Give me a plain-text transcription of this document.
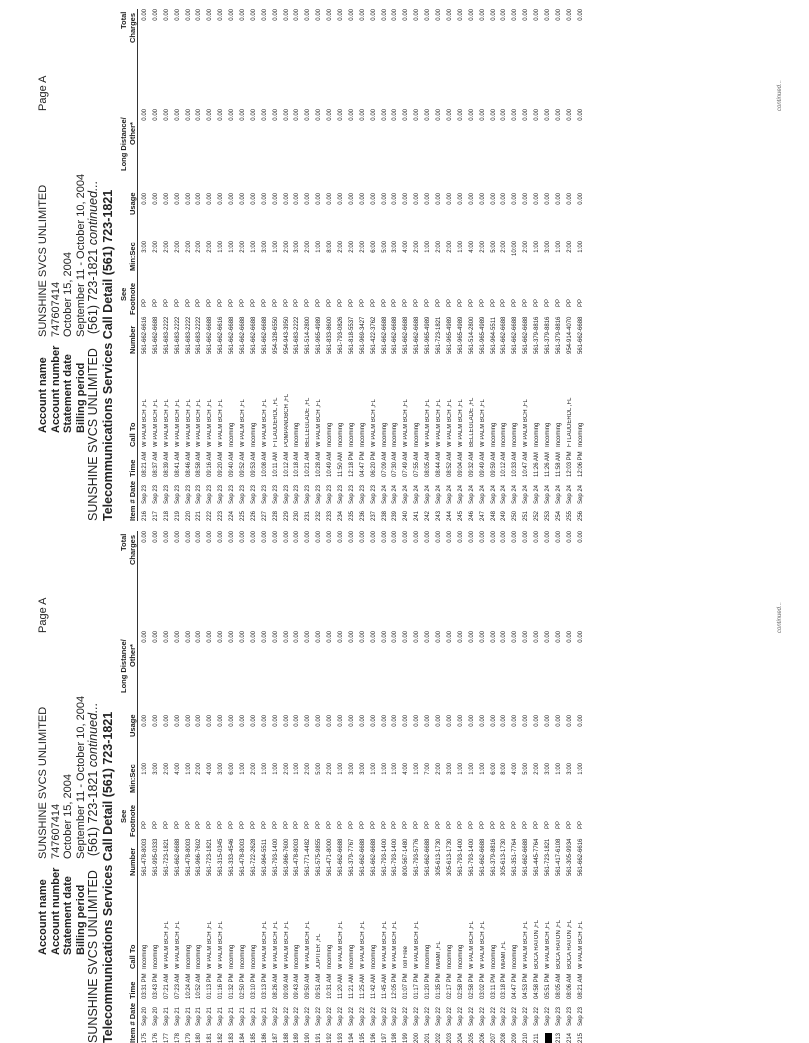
Account name Account number Statement date Billing period
SUNSHINE SVCS UNLIMITED 747607414 October 15, 2004 September 11 - October 10, 2004
Page A
SUNSHINE SVCS UNLIMITED    (561) 723-1821 continued... Telecommunications Services Call Detail (561) 723-1821 Item # Date
Time
Call To
Number
See Footnote
Min:Sec
Usage
Long Distance/ Other*
Total Charges
175
Sep 20
03:31 PM
Incoming
561-478-8003
PP
1:00
0.00
0.00
0.00
176
Sep 20
03:43 PM
Incoming
561-995-0333
PP
3:00
0.00
0.00
0.00
177
Sep 21
07:21 AM
W PALM BCH ,FL
561-723-1821
PP
2:00
0.00
0.00
0.00
178
Sep 21
07:23 AM
W PALM BCH ,FL
561-662-6688
PP
4:00
0.00
0.00
0.00
179
Sep 21
10:24 AM
Incoming
561-478-8003
PP
1:00
0.00
0.00
0.00
180
Sep 21
10:52 AM
Incoming
561-966-7602
PP
2:00
0.00
0.00
0.00
181
Sep 21
01:13 PM
W PALM BCH ,FL
561-723-1821
PP
4:00
0.00
0.00
0.00
182
Sep 21
01:16 PM
W PALM BCH ,FL
561-315-0345
PP
3:00
0.00
0.00
0.00
183
Sep 21
01:32 PM
Incoming
561-333-4546
PP
6:00
0.00
0.00
0.00
184
Sep 21
02:50 PM
Incoming
561-478-8003
PP
1:00
0.00
0.00
0.00
185
Sep 21
03:10 PM
Incoming
561-722-2628
PP
2:00
0.00
0.00
0.00
186
Sep 21
03:13 PM
W PALM BCH ,FL
561-964-5511
PP
1:00
0.00
0.00
0.00
187
Sep 22
08:26 AM
W PALM BCH ,FL
561-793-1400
PP
1:00
0.00
0.00
0.00
188
Sep 22
09:09 AM
W PALM BCH ,FL
561-966-7600
PP
2:00
0.00
0.00
0.00
189
Sep 22
09:43 AM
Incoming
561-478-8003
PP
1:00
0.00
0.00
0.00
190
Sep 22
09:50 AM
W PALM BCH ,FL
561-771-4482
PP
2:00
0.00
0.00
0.00
191
Sep 22
09:51 AM
JUPITER ,FL
561-575-9855
PP
5:00
0.00
0.00
0.00
192
Sep 22
10:31 AM
Incoming
561-471-8000
PP
2:00
0.00
0.00
0.00
193
Sep 22
11:20 AM
W PALM BCH ,FL
561-662-6688
PP
1:00
0.00
0.00
0.00
194
Sep 22
11:21 AM
Incoming
561-379-7767
PP
3:00
0.00
0.00
0.00
195
Sep 22
11:25 AM
W PALM BCH ,FL
561-662-6688
PP
3:00
0.00
0.00
0.00
196
Sep 22
11:42 AM
Incoming
561-662-6688
PP
1:00
0.00
0.00
0.00
197
Sep 22
11:45 AM
W PALM BCH ,FL
561-793-1400
PP
1:00
0.00
0.00
0.00
198
Sep 22
12:05 PM
W PALM BCH ,FL
561-793-1400
PP
1:00
0.00
0.00
0.00
199
Sep 22
01:07 PM
Toll Free
800-567-1480
PP
4:00
0.00
0.00
0.00
200
Sep 22
01:17 PM
W PALM BCH ,FL
561-793-5776
PP
1:00
0.00
0.00
0.00
201
Sep 22
01:20 PM
Incoming
561-662-6688
PP
7:00
0.00
0.00
0.00
202
Sep 22
01:35 PM
MIAMI ,FL
305-613-1730
PP
2:00
0.00
0.00
0.00
203
Sep 22
02:17 PM
Incoming
305-613-1730
PP
3:00
0.00
0.00
0.00
204
Sep 22
02:58 PM
Incoming
561-793-1400
PP
1:00
0.00
0.00
0.00
205
Sep 22
02:58 PM
W PALM BCH ,FL
561-793-1400
PP
1:00
0.00
0.00
0.00
206
Sep 22
03:02 PM
W PALM BCH ,FL
561-662-6688
PP
1:00
0.00
0.00
0.00
207
Sep 22
03:11 PM
Incoming
561-379-8816
PP
6:00
0.00
0.00
0.00
208
Sep 22
03:18 PM
MIAMI ,FL
305-613-1730
PP
8:00
0.00
0.00
0.00
209
Sep 22
04:47 PM
Incoming
561-351-7764
PP
4:00
0.00
0.00
0.00
210
Sep 22
04:53 PM
W PALM BCH ,FL
561-662-6688
PP
5:00
0.00
0.00
0.00
211
Sep 22
04:58 PM
BOCA RATON ,FL
561-445-7764
PP
2:00
0.00
0.00
0.00
Sep 22
05:51 PM
W PALM BCH ,FL
561-723-1821
PP
3:00
0.00
0.00
0.00
213
Sep 23
08:05 AM
BOCA RATON ,FL
561-417-6108
PP
1:00
0.00
0.00
0.00
214
Sep 23
08:06 AM
BOCA RATON ,FL
561-305-9934
PP
3:00
0.00
0.00
0.00
215
Sep 23
08:21 AM
W PALM BCH ,FL
561-662-6616
PP
1:00
0.00
0.00
0.00
continued...
Account name Account number Statement date Billing period
SUNSHINE SVCS UNLIMITED 747607414 October 15, 2004 September 11 - October 10, 2004
Page A
SUNSHINE SVCS UNLIMITED    (561) 723-1821 continued... Telecommunications Services Call Detail (561) 723-1821 Item # Date
Time
Call To
Number
See Footnote
Min:Sec
Usage
Long Distance/ Other*
Total Charges
216
Sep 23
08:21 AM
W PALM BCH ,FL
561-662-6616
PP
3:00
0.00
0.00
0.00
217
Sep 23
08:37 AM
W PALM BCH ,FL
561-662-6688
PP
2:00
0.00
0.00
0.00
218
Sep 23
08:39 AM
W PALM BCH ,FL
561-683-2222
PP
2:00
0.00
0.00
0.00
219
Sep 23
08:41 AM
W PALM BCH ,FL
561-683-2222
PP
2:00
0.00
0.00
0.00
220
Sep 23
08:46 AM
W PALM BCH ,FL
561-683-2222
PP
2:00
0.00
0.00
0.00
221
Sep 23
08:58 AM
W PALM BCH ,FL
561-683-2222
PP
2:00
0.00
0.00
0.00
222
Sep 23
09:16 AM
W PALM BCH ,FL
561-662-6688
PP
2:00
0.00
0.00
0.00
223
Sep 23
09:20 AM
W PALM BCH ,FL
561-662-6616
PP
1:00
0.00
0.00
0.00
224
Sep 23
09:40 AM
Incoming
561-662-6688
PP
1:00
0.00
0.00
0.00
225
Sep 23
09:52 AM
W PALM BCH ,FL
561-662-6688
PP
2:00
0.00
0.00
0.00
226
Sep 23
09:53 AM
Incoming
561-662-6688
PP
1:00
0.00
0.00
0.00
227
Sep 23
10:08 AM
W PALM BCH ,FL
561-662-6688
PP
3:00
0.00
0.00
0.00
228
Sep 23
10:11 AM
FTLAUDERDL ,FL
954-328-6550
PP
1:00
0.00
0.00
0.00
229
Sep 23
10:12 AM
POMPANOBCH ,FL
954-943-3950
PP
2:00
0.00
0.00
0.00
230
Sep 23
10:18 AM
Incoming
561-683-2222
PP
3:00
0.00
0.00
0.00
231
Sep 23
10:21 AM
BELLEGLADE ,FL
561-514-2800
PP
2:00
0.00
0.00
0.00
232
Sep 23
10:28 AM
W PALM BCH ,FL
561-965-4989
PP
1:00
0.00
0.00
0.00
233
Sep 23
10:49 AM
Incoming
561-833-8600
PP
8:00
0.00
0.00
0.00
234
Sep 23
11:50 AM
Incoming
561-793-0826
PP
2:00
0.00
0.00
0.00
235
Sep 23
12:18 PM
Incoming
561-818-5537
PP
2:00
0.00
0.00
0.00
236
Sep 23
04:47 PM
Incoming
561-969-3427
PP
2:00
0.00
0.00
0.00
237
Sep 23
06:20 PM
W PALM BCH ,FL
561-422-3762
PP
6:00
0.00
0.00
0.00
238
Sep 24
07:09 AM
Incoming
561-662-6688
PP
5:00
0.00
0.00
0.00
239
Sep 24
07:30 AM
Incoming
561-662-6688
PP
3:00
0.00
0.00
0.00
240
Sep 24
07:49 AM
W PALM BCH ,FL
561-662-6688
PP
4:00
0.00
0.00
0.00
241
Sep 24
07:55 AM
Incoming
561-662-6688
PP
2:00
0.00
0.00
0.00
242
Sep 24
08:05 AM
W PALM BCH ,FL
561-965-4989
PP
1:00
0.00
0.00
0.00
243
Sep 24
08:44 AM
W PALM BCH ,FL
561-723-1821
PP
2:00
0.00
0.00
0.00
244
Sep 24
08:52 AM
W PALM BCH ,FL
561-965-4989
PP
2:00
0.00
0.00
0.00
245
Sep 24
09:04 AM
W PALM BCH ,FL
561-965-4989
PP
1:00
0.00
0.00
0.00
246
Sep 24
09:32 AM
BELLEGLADE ,FL
561-514-2800
PP
4:00
0.00
0.00
0.00
247
Sep 24
09:49 AM
W PALM BCH ,FL
561-965-4989
PP
2:00
0.00
0.00
0.00
248
Sep 24
09:59 AM
Incoming
561-964-5511
PP
5:00
0.00
0.00
0.00
249
Sep 24
10:12 AM
Incoming
561-662-6688
PP
2:00
0.00
0.00
0.00
250
Sep 24
10:33 AM
Incoming
561-662-6688
PP
10:00
0.00
0.00
0.00
251
Sep 24
10:47 AM
W PALM BCH ,FL
561-662-6688
PP
2:00
0.00
0.00
0.00
252
Sep 24
11:26 AM
Incoming
561-379-8816
PP
1:00
0.00
0.00
0.00
253
Sep 24
11:26 AM
Incoming
561-379-8816
PP
3:00
0.00
0.00
0.00
254
Sep 24
11:58 AM
Incoming
561-379-8816
PP
1:00
0.00
0.00
0.00
255
Sep 24
12:03 PM
FTLAUDERDL ,FL
954-914-4070
PP
2:00
0.00
0.00
0.00
256
Sep 24
12:06 PM
Incoming
561-662-6688
PP
1:00
0.00
0.00
0.00
continued...
